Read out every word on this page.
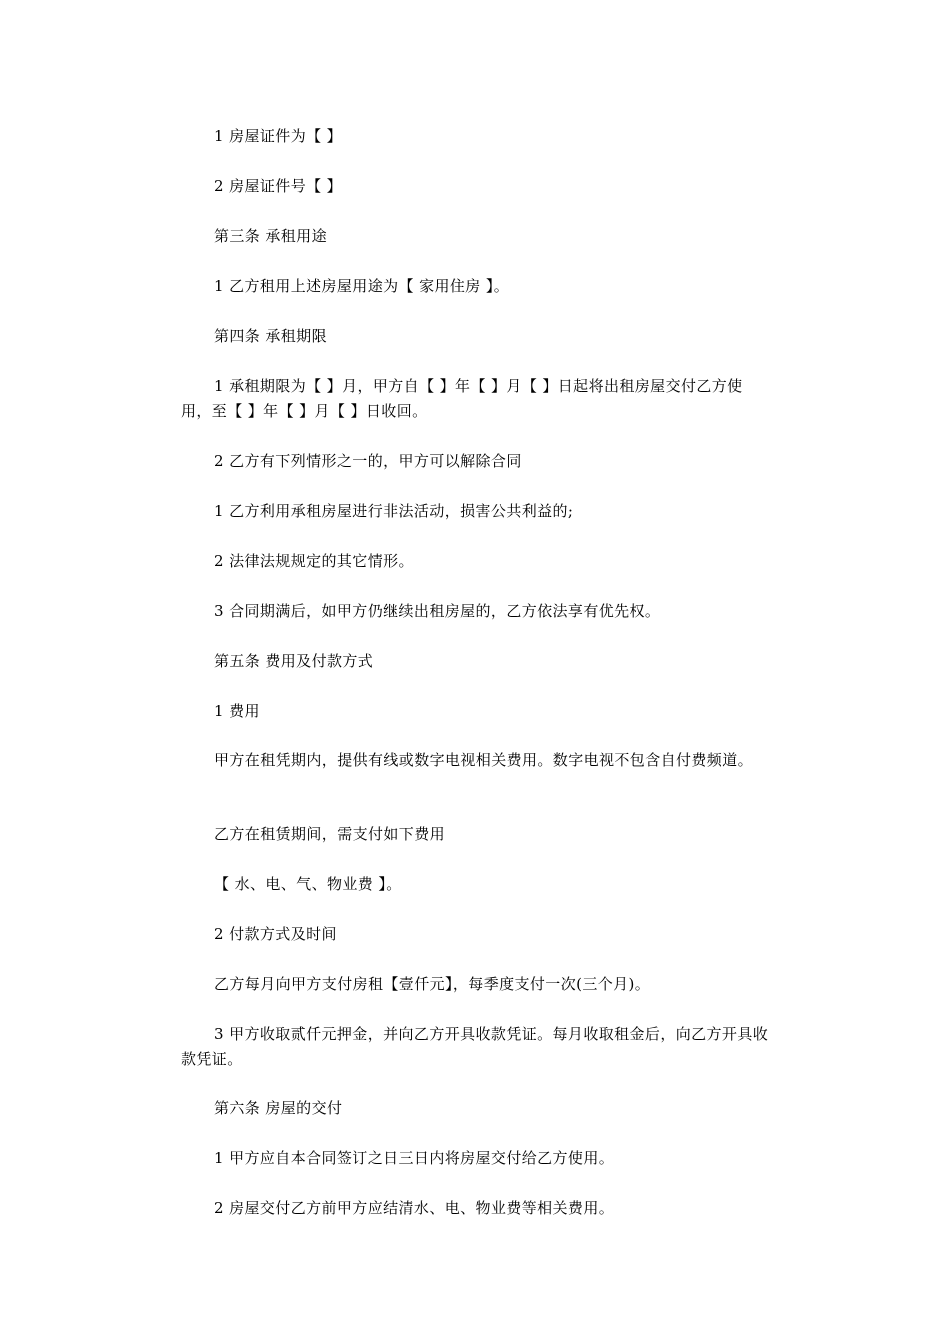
1 房屋证件为【 】

2 房屋证件号【 】

第三条 承租用途

1 乙方租用上述房屋用途为【 家用住房 】。

第四条 承租期限

1 承租期限为【 】月，甲方自【 】年【 】月【 】日起将出租房屋交付乙方使用，至【 】年【 】月【 】日收回。

2 乙方有下列情形之一的，甲方可以解除合同

1 乙方利用承租房屋进行非法活动，损害公共利益的;

2 法律法规规定的其它情形。

3 合同期满后，如甲方仍继续出租房屋的，乙方依法享有优先权。

第五条 费用及付款方式

1 费用

甲方在租凭期内，提供有线或数字电视相关费用。数字电视不包含自付费频道。

乙方在租赁期间，需支付如下费用

【 水、电、气、物业费 】。

2 付款方式及时间

乙方每月向甲方支付房租【壹仟元】，每季度支付一次(三个月)。

3 甲方收取贰仟元押金，并向乙方开具收款凭证。每月收取租金后，向乙方开具收款凭证。

第六条 房屋的交付

1 甲方应自本合同签订之日三日内将房屋交付给乙方使用。

2 房屋交付乙方前甲方应结清水、电、物业费等相关费用。
